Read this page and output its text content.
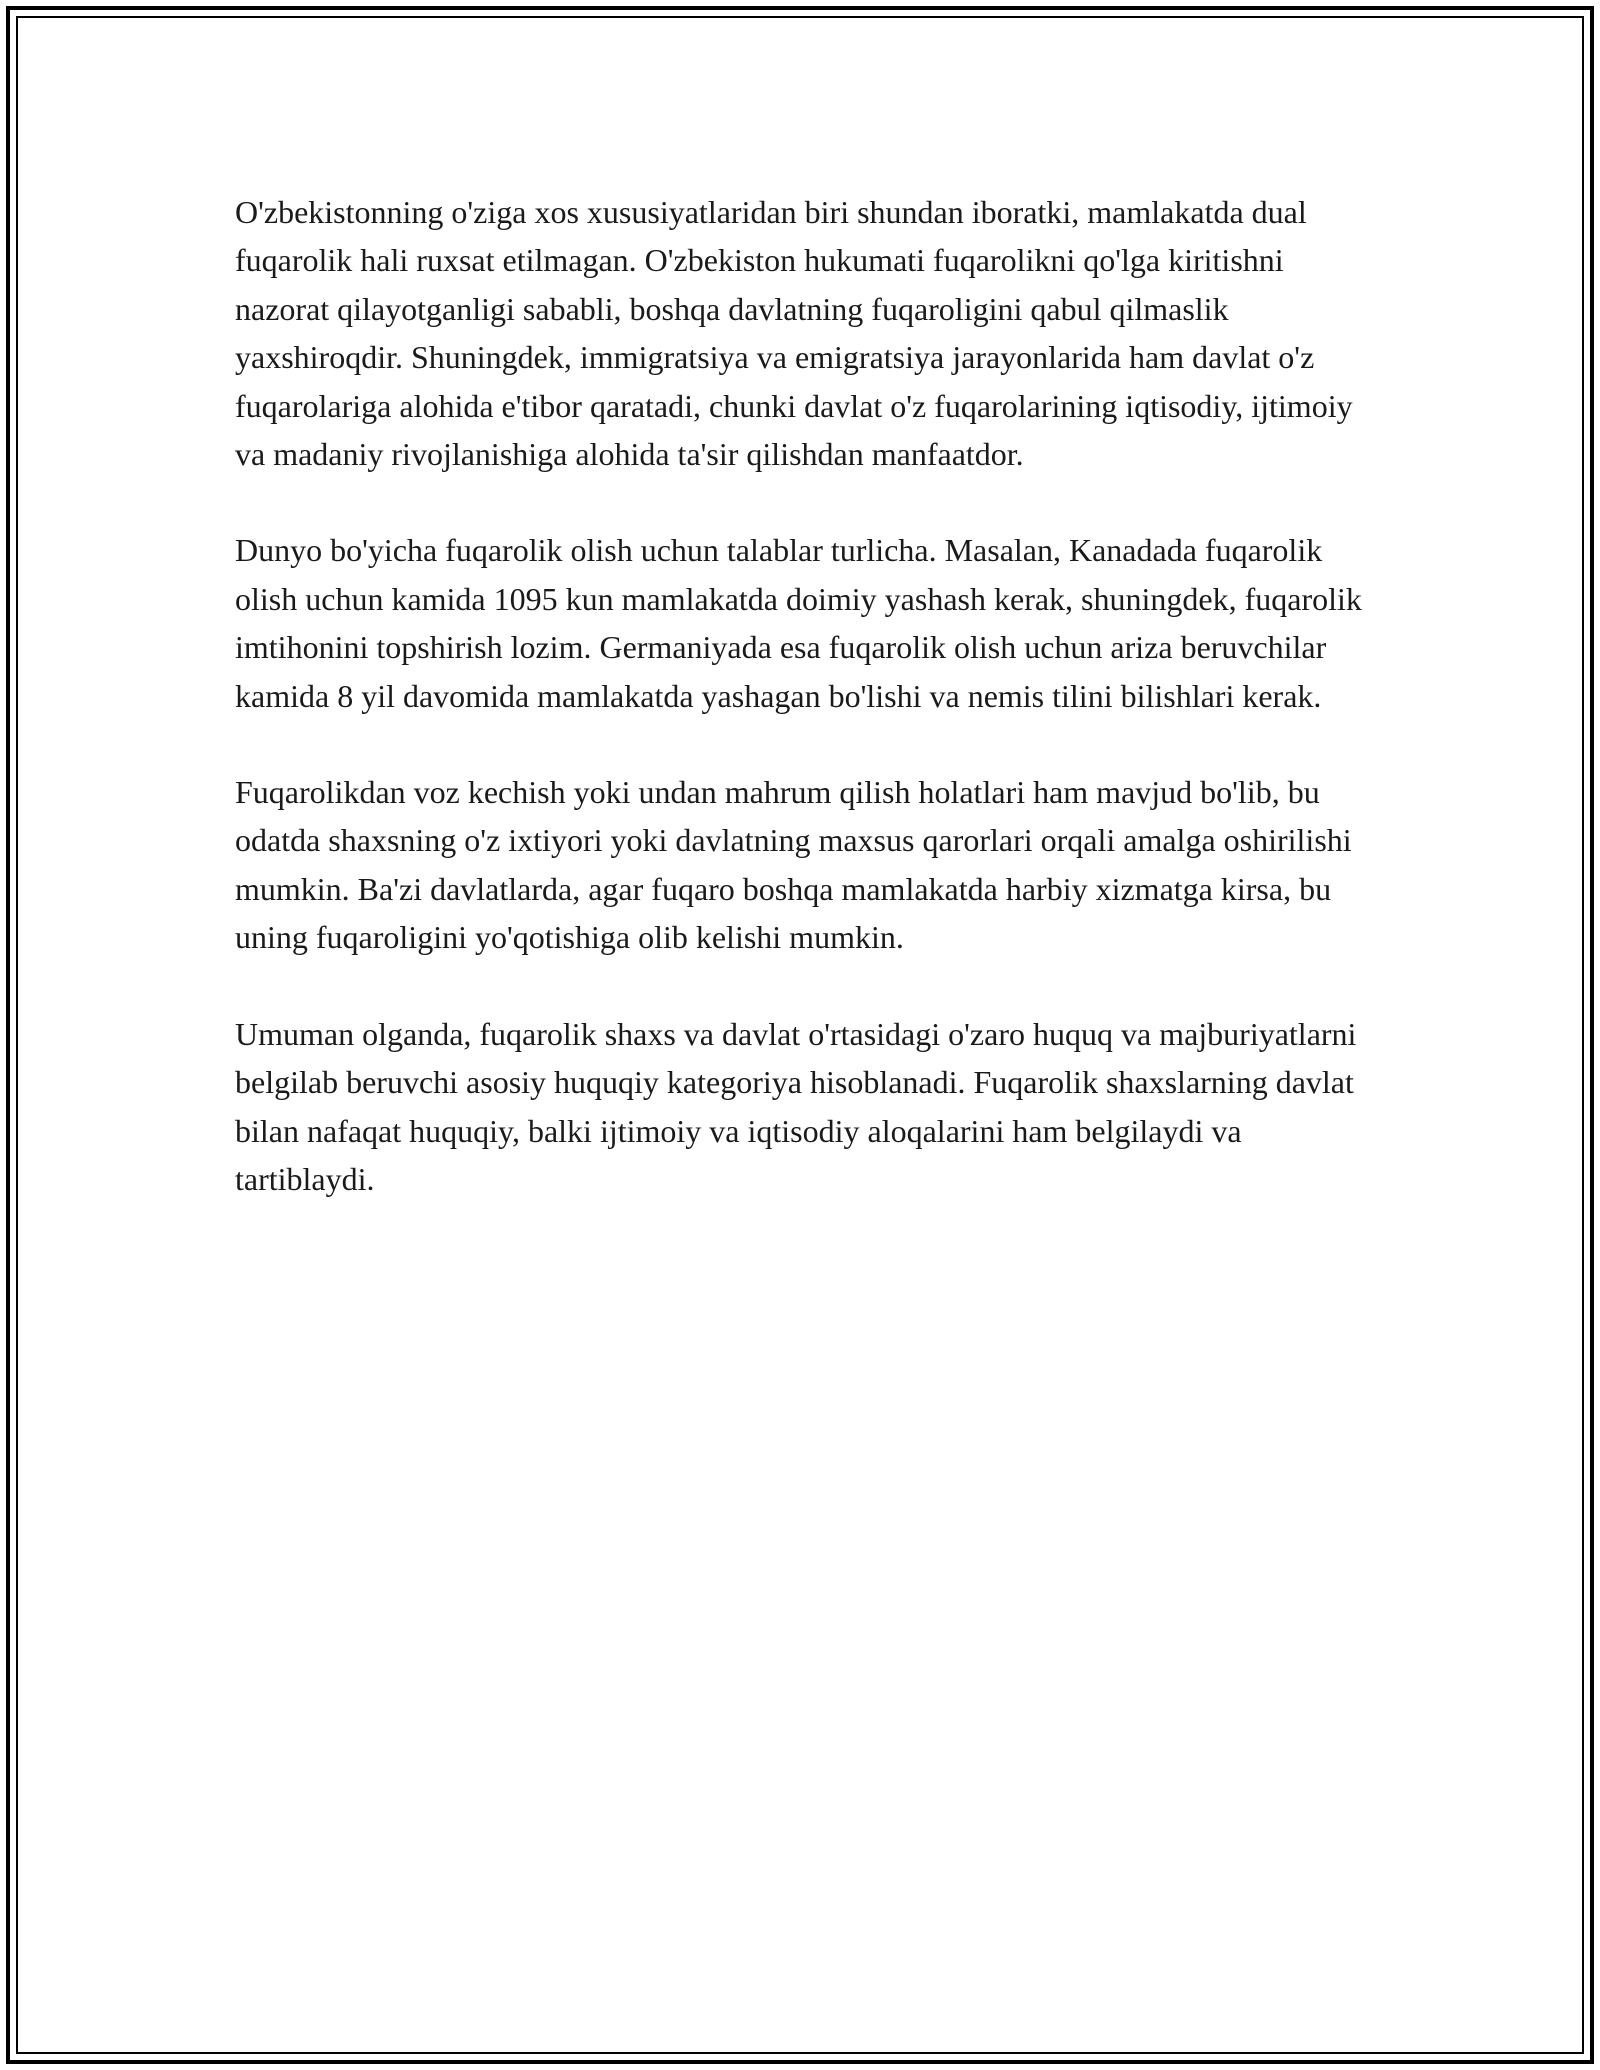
O'zbekistonning o'ziga xos xususiyatlaridan biri shundan iboratki, mamlakatda dual fuqarolik hali ruxsat etilmagan. O'zbekiston hukumati fuqarolikni qo'lga kiritishni nazorat qilayotganligi sababli, boshqa davlatning fuqaroligini qabul qilmaslik yaxshiroqdir. Shuningdek, immigratsiya va emigratsiya jarayonlarida ham davlat o'z fuqarolariga alohida e'tibor qaratadi, chunki davlat o'z fuqarolarining iqtisodiy, ijtimoiy va madaniy rivojlanishiga alohida ta'sir qilishdan manfaatdor.

Dunyo bo'yicha fuqarolik olish uchun talablar turlicha. Masalan, Kanadada fuqarolik olish uchun kamida 1095 kun mamlakatda doimiy yashash kerak, shuningdek, fuqarolik imtihonini topshirish lozim. Germaniyada esa fuqarolik olish uchun ariza beruvchilar kamida 8 yil davomida mamlakatda yashagan bo'lishi va nemis tilini bilishlari kerak.

Fuqarolikdan voz kechish yoki undan mahrum qilish holatlari ham mavjud bo'lib, bu odatda shaxsning o'z ixtiyori yoki davlatning maxsus qarorlari orqali amalga oshirilishi mumkin. Ba'zi davlatlarda, agar fuqaro boshqa mamlakatda harbiy xizmatga kirsa, bu uning fuqaroligini yo'qotishiga olib kelishi mumkin.

Umuman olganda, fuqarolik shaxs va davlat o'rtasidagi o'zaro huquq va majburiyatlarni belgilab beruvchi asosiy huquqiy kategoriya hisoblanadi. Fuqarolik shaxslarning davlat bilan nafaqat huquqiy, balki ijtimoiy va iqtisodiy aloqalarini ham belgilaydi va tartiblaydi.
